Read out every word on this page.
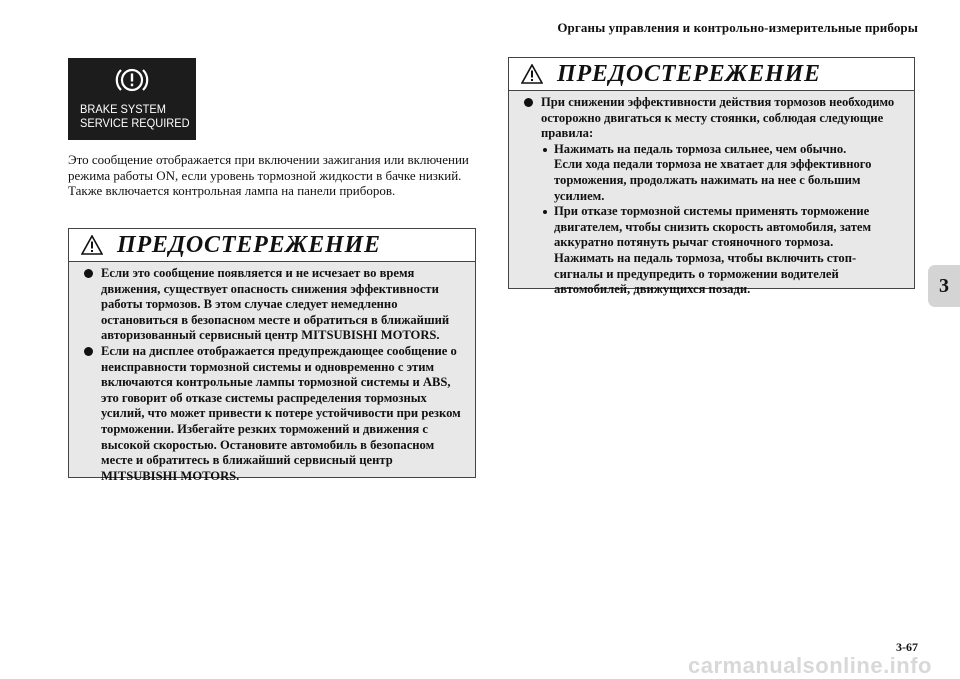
Органы управления и контрольно-измерительные приборы
3
BRAKE SYSTEM
SERVICE REQUIRED

Это сообщение отображается при включении зажигания или включении режима работы ON, если уровень тормозной жидкости в бачке низкий.

Также включается контрольная лампа на панели приборов.

ПРЕДОСТЕРЕЖЕНИЕ
Если это сообщение появляется и не исчезает во время движения, существует опасность снижения эффективности работы тормозов. В этом случае следует немедленно остановиться в безопасном месте и обратиться в ближайший авторизованный сервисный центр MITSUBISHI MOTORS.
Если на дисплее отображается предупреждающее сообщение о неисправности тормозной системы и одновременно с этим включаются контрольные лампы тормозной системы и ABS, это говорит об отказе системы распределения тормозных усилий, что может привести к потере устойчивости при резком торможении. Избегайте резких торможений и движения с высокой скоростью. Остановите автомобиль в безопасном месте и обратитесь в ближайший сервисный центр MITSUBISHI MOTORS.
ПРЕДОСТЕРЕЖЕНИЕ
При снижении эффективности действия тормозов необходимо осторожно двигаться к месту стоянки, соблюдая следующие правила:
Нажимать на педаль тормоза сильнее, чем обычно.
Если хода педали тормоза не хватает для эффективного торможения, продолжать нажимать на нее с большим усилием.
При отказе тормозной системы применять торможение двигателем, чтобы снизить скорость автомобиля, затем аккуратно потянуть рычаг стояночного тормоза.
Нажимать на педаль тормоза, чтобы включить стоп-сигналы и предупредить о торможении водителей автомобилей, движущихся позади.
3-67
carmanualsonline.info
